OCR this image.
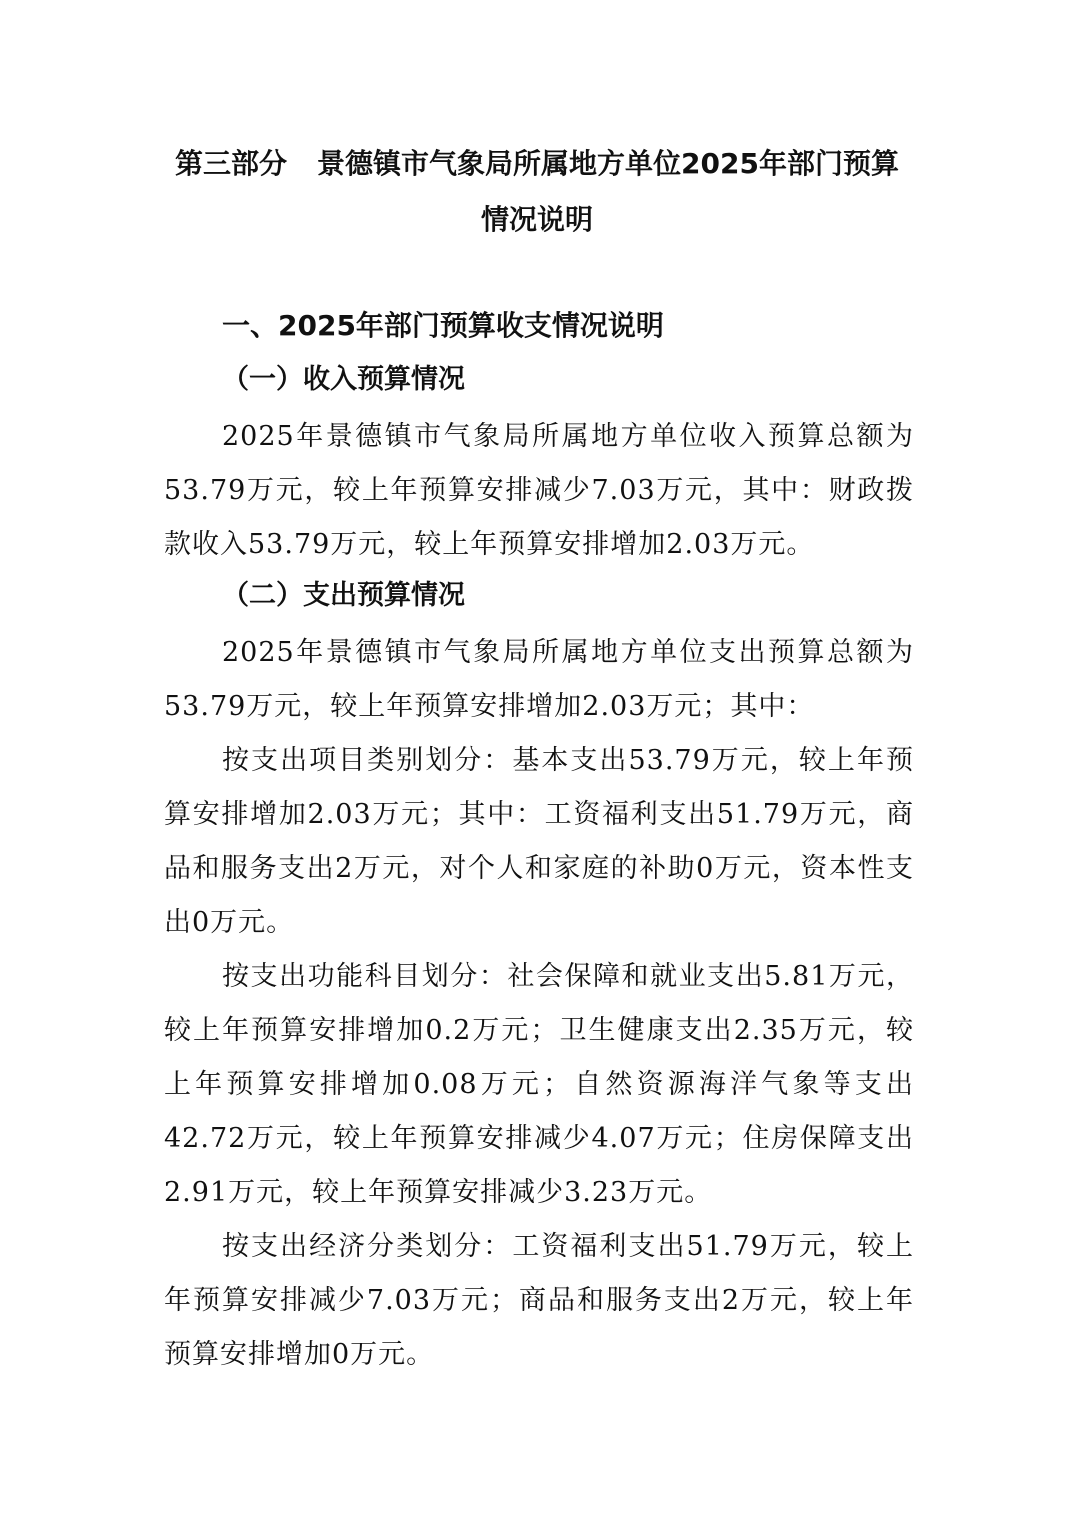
第三部分 景德镇市气象局所属地方单位2025年部门预算
情况说明
一、2025年部门预算收支情况说明
（一）收入预算情况

2025年景德镇市气象局所属地方单位收入预算总额为53.79万元，较上年预算安排减少7.03万元，其中：财政拨款收入53.79万元，较上年预算安排增加2.03万元。

（二）支出预算情况

2025年景德镇市气象局所属地方单位支出预算总额为53.79万元，较上年预算安排增加2.03万元；其中：

按支出项目类别划分：基本支出53.79万元，较上年预算安排增加2.03万元；其中：工资福利支出51.79万元，商品和服务支出2万元，对个人和家庭的补助0万元，资本性支出0万元。

按支出功能科目划分：社会保障和就业支出5.81万元，较上年预算安排增加0.2万元；卫生健康支出2.35万元，较上年预算安排增加0.08万元；自然资源海洋气象等支出42.72万元，较上年预算安排减少4.07万元；住房保障支出2.91万元，较上年预算安排减少3.23万元。

按支出经济分类划分：工资福利支出51.79万元，较上年预算安排减少7.03万元；商品和服务支出2万元，较上年预算安排增加0万元。
